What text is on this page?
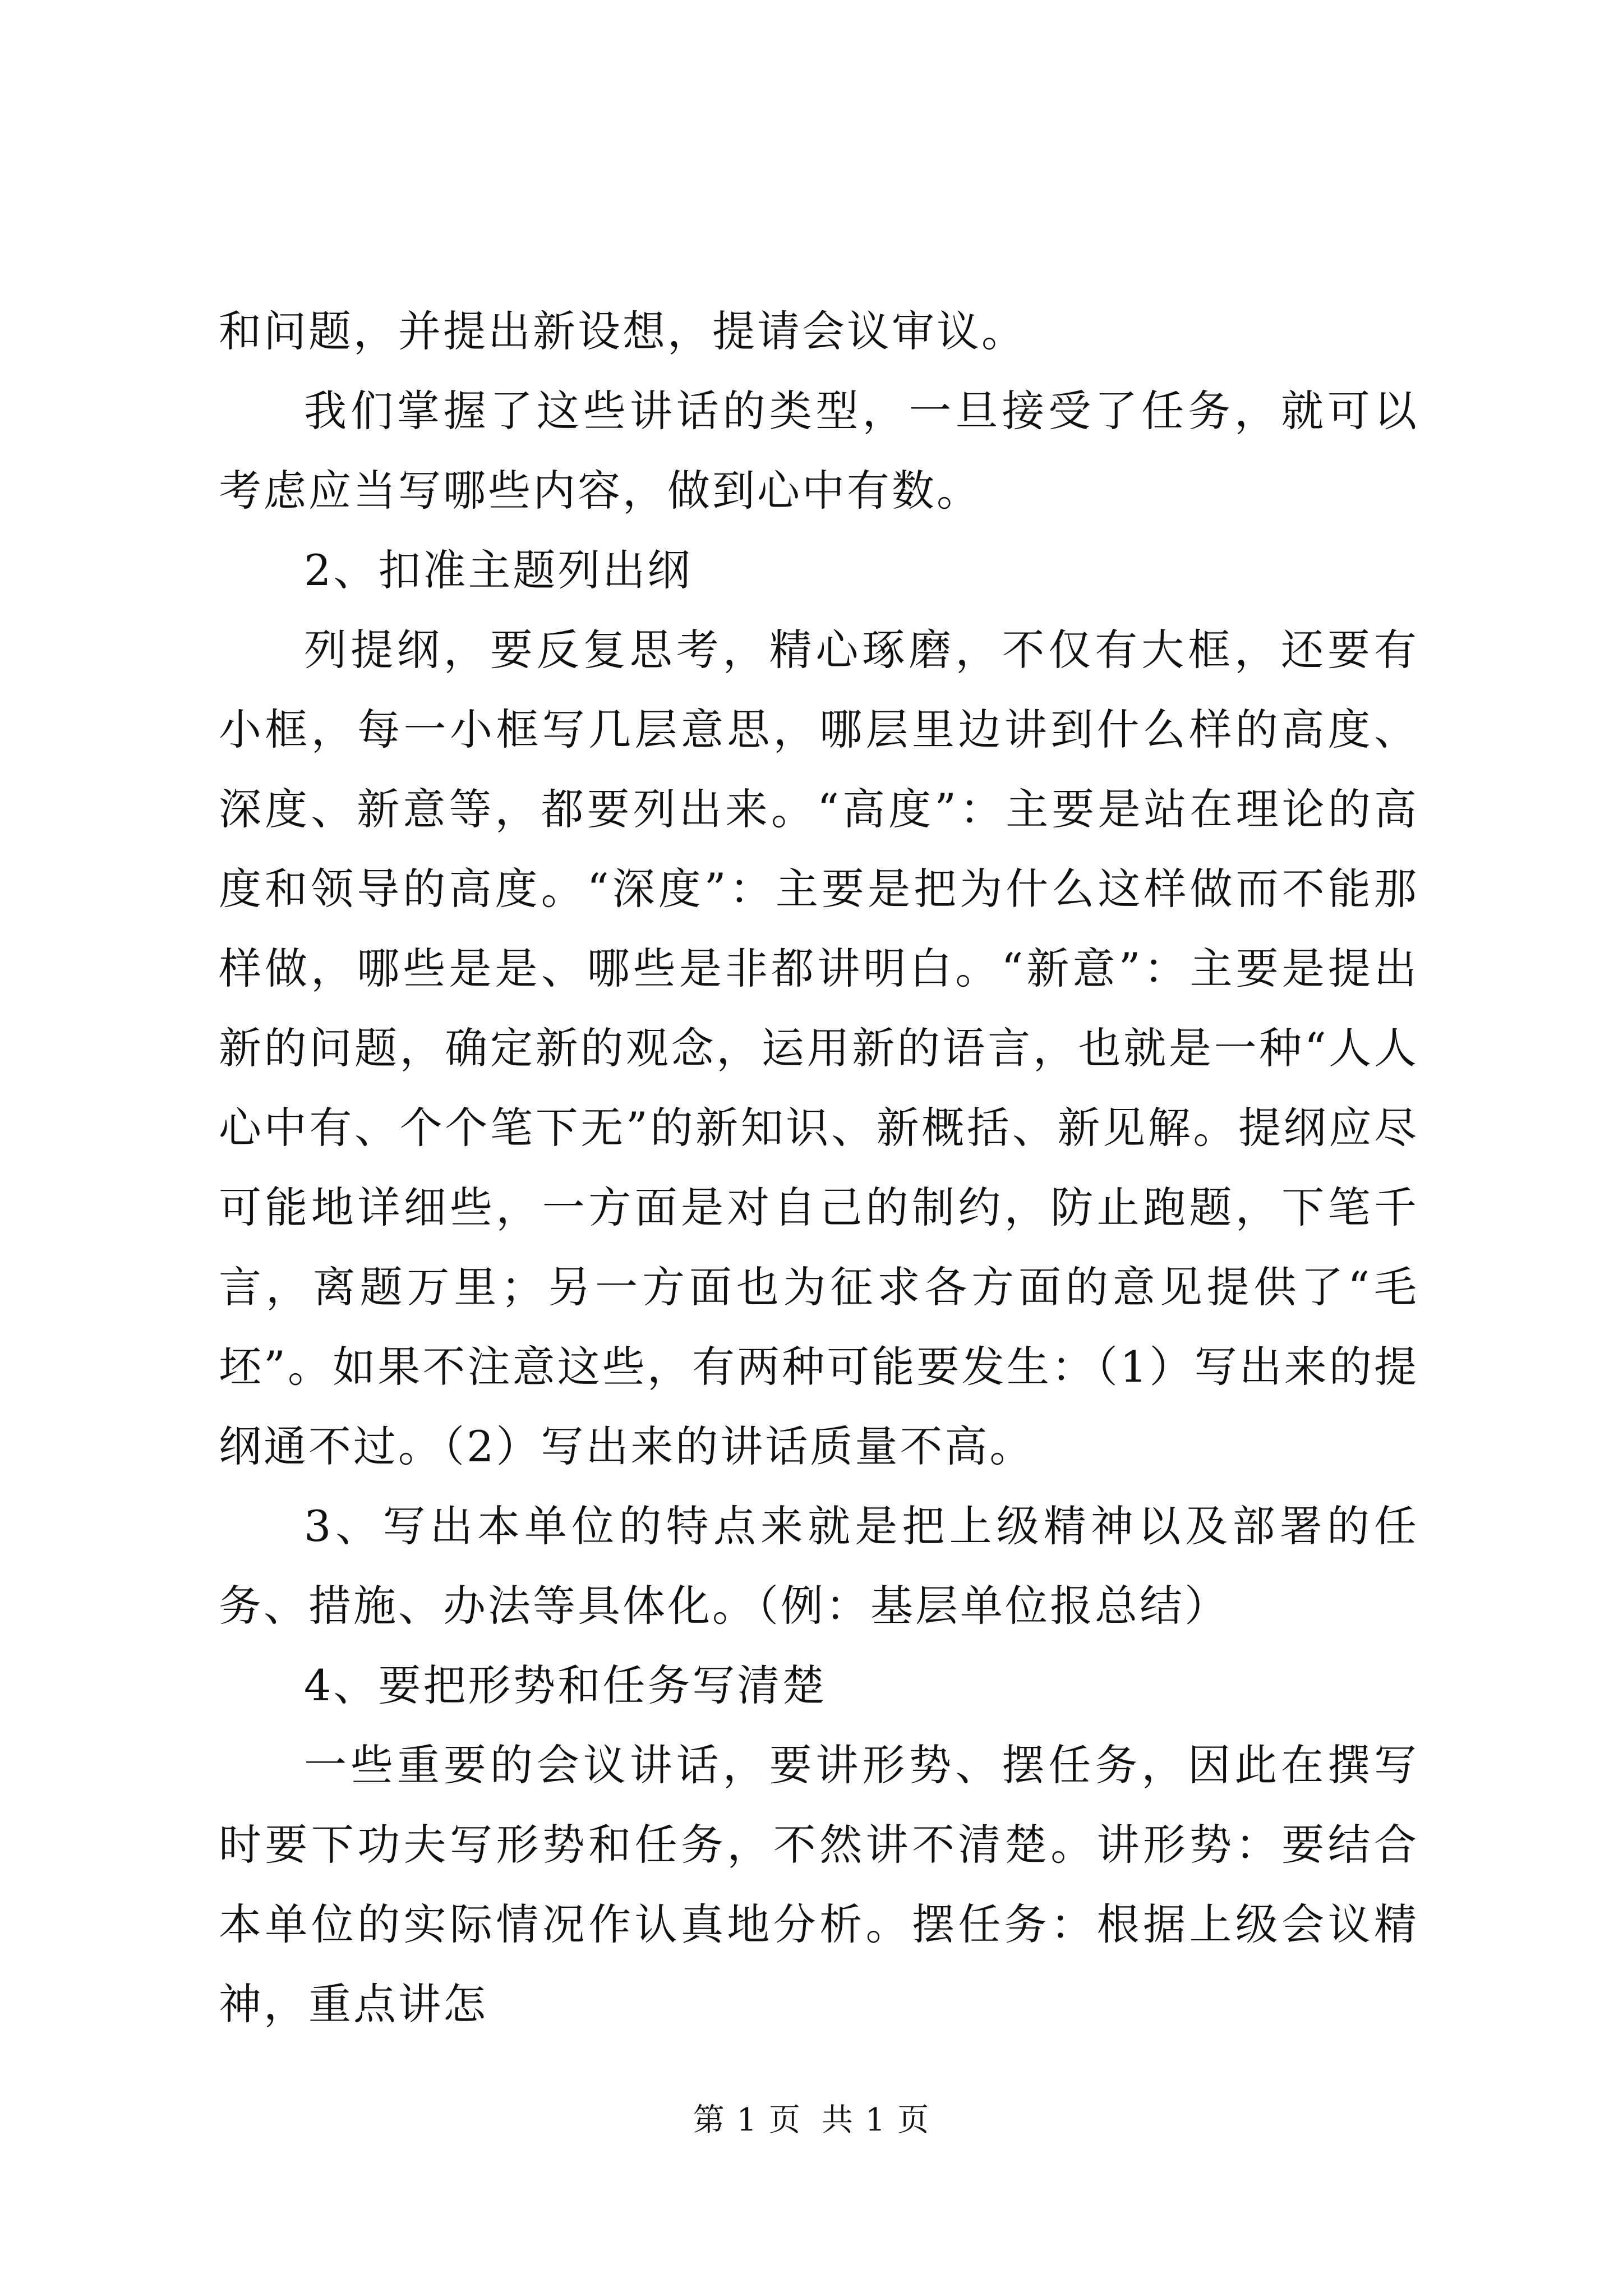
和问题，并提出新设想，提请会议审议。

我们掌握了这些讲话的类型，一旦接受了任务，就可以考虑应当写哪些内容，做到心中有数。

2、扣准主题列出纲

列提纲，要反复思考，精心琢磨，不仅有大框，还要有小框，每一小框写几层意思，哪层里边讲到什么样的高度、深度、新意等，都要列出来。“高度”：主要是站在理论的高度和领导的高度。“深度”：主要是把为什么这样做而不能那样做，哪些是是、哪些是非都讲明白。“新意”：主要是提出新的问题，确定新的观念，运用新的语言，也就是一种“人人心中有、个个笔下无”的新知识、新概括、新见解。提纲应尽可能地详细些，一方面是对自己的制约，防止跑题，下笔千言，离题万里；另一方面也为征求各方面的意见提供了“毛坯”。如果不注意这些，有两种可能要发生：（1）写出来的提纲通不过。（2）写出来的讲话质量不高。

3、写出本单位的特点来就是把上级精神以及部署的任务、措施、办法等具体化。（例：基层单位报总结）

4、要把形势和任务写清楚

一些重要的会议讲话，要讲形势、摆任务，因此在撰写时要下功夫写形势和任务，不然讲不清楚。讲形势：要结合本单位的实际情况作认真地分析。摆任务：根据上级会议精神，重点讲怎

第 1 页 共 1 页
